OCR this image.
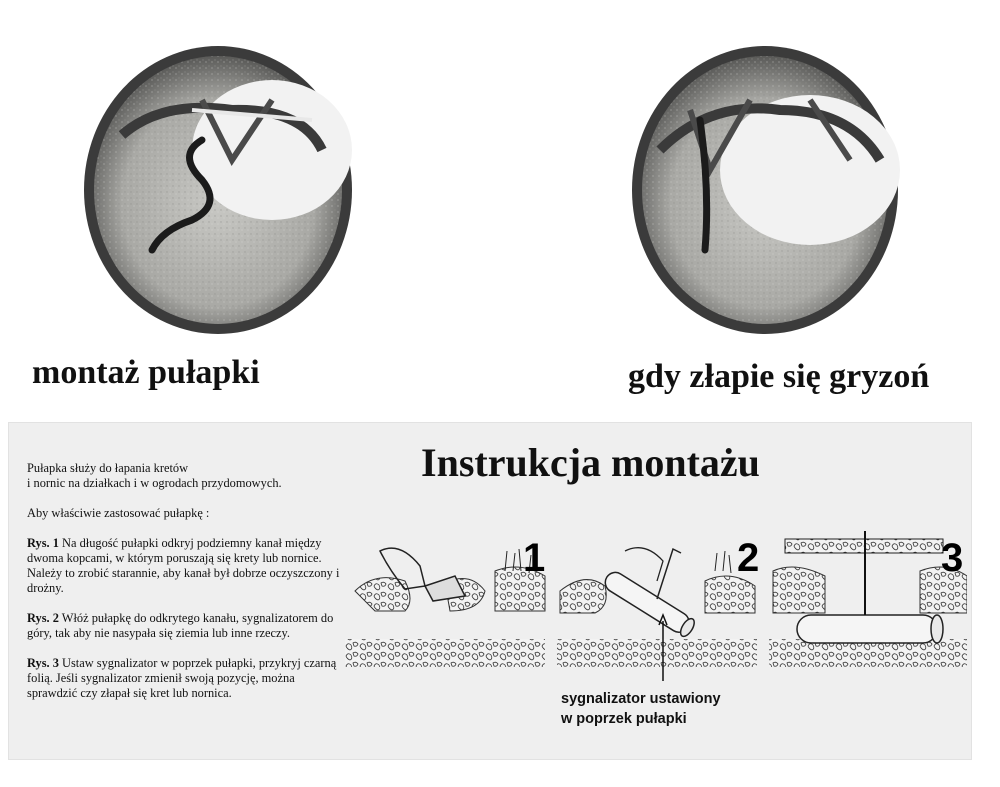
montaż pułapki	gdy złapie się gryzoń
Instrukcja montażu

Pułapka służy do łapania kretów
i nornic na działkach i w ogrodach przydomowych.

Aby właściwie zastosować pułapkę :

Rys. 1 Na długość pułapki odkryj podziemny kanał między dwoma kopcami, w którym poruszają się krety lub nornice. Należy to zrobić starannie, aby kanał był dobrze oczyszczony i drożny.

Rys. 2 Włóż pułapkę do odkrytego kanału, sygnalizatorem do góry, tak aby nie nasypała się ziemia lub inne rzeczy.

Rys. 3 Ustaw sygnalizator w poprzek pułapki, przykryj czarną folią. Jeśli sygnalizator zmienił swoją pozycję, można sprawdzić czy złapał się kret lub nornica.

1	2	3
sygnalizator ustawiony
w poprzek pułapki
